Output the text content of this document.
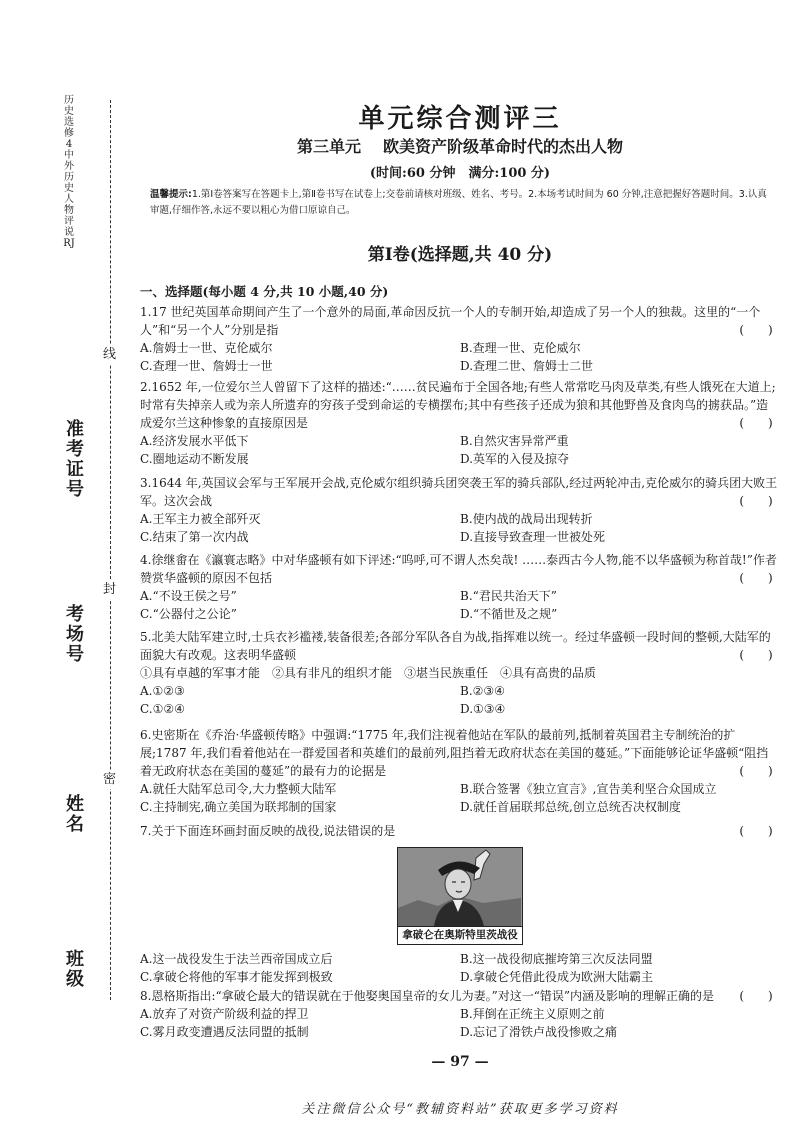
历史选修4 中外历史人物评说 RJ
线
封
密
准考证号
考场号
姓名
班级
单元综合测评三
第三单元 欧美资产阶级革命时代的杰出人物
(时间:60 分钟　满分:100 分)
温馨提示:1.第Ⅰ卷答案写在答题卡上,第Ⅱ卷书写在试卷上;交卷前请核对班级、姓名、考号。2.本场考试时间为 60 分钟,注意把握好答题时间。3.认真审题,仔细作答,永远不要以粗心为借口原谅自己。
第Ⅰ卷(选择题,共 40 分)
一、选择题(每小题 4 分,共 10 小题,40 分)
1.17 世纪英国革命期间产生了一个意外的局面,革命因反抗一个人的专制开始,却造成了另一个人的独裁。这里的“一个人”和“另一个人”分别是指	(　　)
A.詹姆士一世、克伦威尔	B.查理一世、克伦威尔
C.查理一世、詹姆士一世	D.查理二世、詹姆士二世
2.1652 年,一位爱尔兰人曾留下了这样的描述:“……贫民遍布于全国各地;有些人常常吃马肉及草类,有些人饿死在大道上;时常有失掉亲人或为亲人所遗弃的穷孩子受到命运的专横摆布;其中有些孩子还成为狼和其他野兽及食肉鸟的掳获品。”造成爱尔兰这种惨象的直接原因是	(　　)
A.经济发展水平低下	B.自然灾害异常严重
C.圈地运动不断发展	D.英军的入侵及掠夺
3.1644 年,英国议会军与王军展开会战,克伦威尔组织骑兵团突袭王军的骑兵部队,经过两轮冲击,克伦威尔的骑兵团大败王军。这次会战	(　　)
A.王军主力被全部歼灭	B.使内战的战局出现转折
C.结束了第一次内战	D.直接导致查理一世被处死
4.徐继畬在《瀛寰志略》中对华盛顿有如下评述:“呜呼,可不谓人杰矣哉! ……泰西古今人物,能不以华盛顿为称首哉!”作者赞赏华盛顿的原因不包括	(　　)
A.“不设王侯之号”	B.“君民共治天下”
C.“公器付之公论”	D.“不循世及之规”
5.北美大陆军建立时,士兵衣衫褴褛,装备很差;各部分军队各自为战,指挥难以统一。经过华盛顿一段时间的整顿,大陆军的面貌大有改观。这表明华盛顿	(　　)
①具有卓越的军事才能　②具有非凡的组织才能　③堪当民族重任　④具有高贵的品质
A.①②③	B.②③④
C.①②④	D.①③④
6.史密斯在《乔治·华盛顿传略》中强调:“1775 年,我们注视着他站在军队的最前列,抵制着英国君主专制统治的扩展;1787 年,我们看着他站在一群爱国者和英雄们的最前列,阻挡着无政府状态在美国的蔓延。”下面能够论证华盛顿“阻挡着无政府状态在美国的蔓延”的最有力的论据是	(　　)
A.就任大陆军总司令,大力整顿大陆军	B.联合签署《独立宣言》,宣告美利坚合众国成立
C.主持制宪,确立美国为联邦制的国家	D.就任首届联邦总统,创立总统否决权制度
7.关于下面连环画封面反映的战役,说法错误的是	(　　)
拿破仑在奥斯特里茨战役
A.这一战役发生于法兰西帝国成立后	B.这一战役彻底摧垮第三次反法同盟
C.拿破仑将他的军事才能发挥到极致	D.拿破仑凭借此役成为欧洲大陆霸主
8.恩格斯指出:“拿破仑最大的错误就在于他娶奥国皇帝的女儿为妻。”对这一“错误”内涵及影响的理解正确的是	(　　)
A.放弃了对资产阶级利益的捍卫	B.拜倒在正统主义原则之前
C.雾月政变遭遇反法同盟的抵制	D.忘记了滑铁卢战役惨败之痛
— 97 —
关注微信公众号“教辅资料站”获取更多学习资料
